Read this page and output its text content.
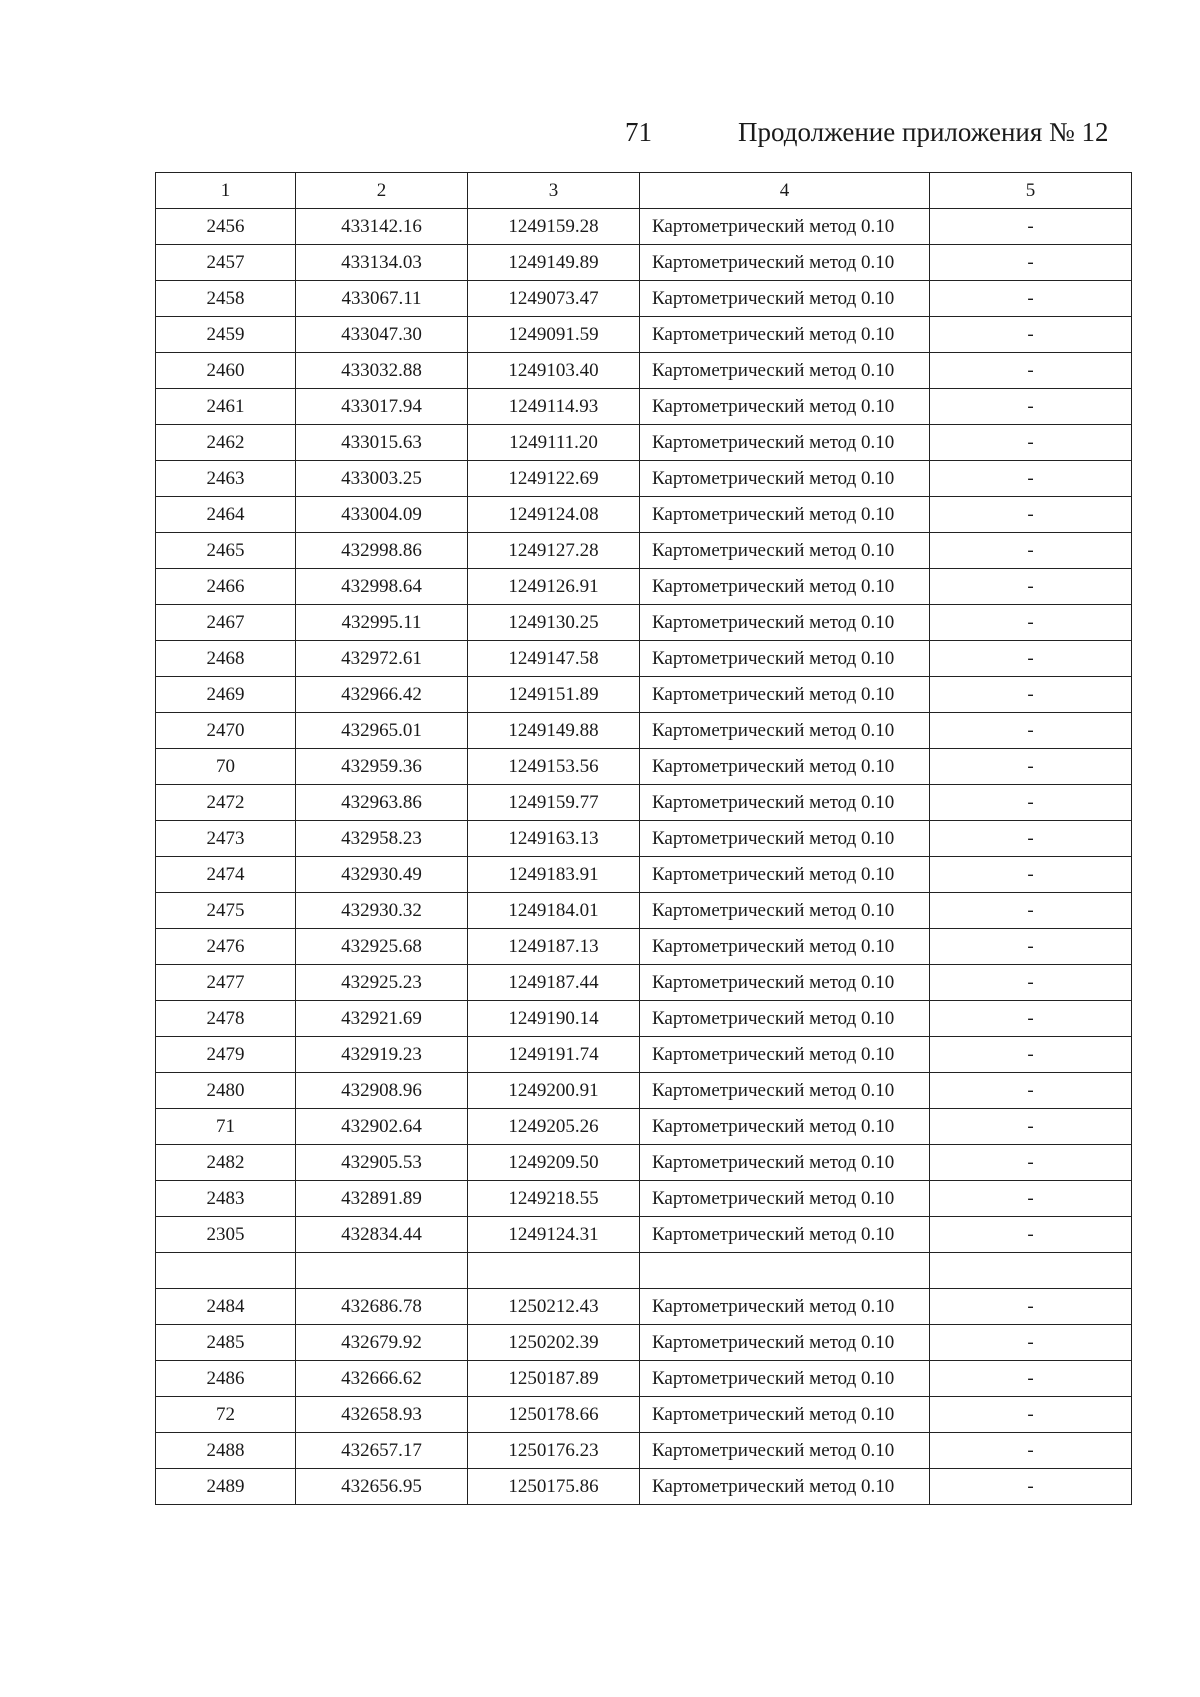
71	Продолжение приложения № 12
1	2	3	4	5
2456	433142.16	1249159.28	Картометрический метод 0.10	-
2457	433134.03	1249149.89	Картометрический метод 0.10	-
2458	433067.11	1249073.47	Картометрический метод 0.10	-
2459	433047.30	1249091.59	Картометрический метод 0.10	-
2460	433032.88	1249103.40	Картометрический метод 0.10	-
2461	433017.94	1249114.93	Картометрический метод 0.10	-
2462	433015.63	1249111.20	Картометрический метод 0.10	-
2463	433003.25	1249122.69	Картометрический метод 0.10	-
2464	433004.09	1249124.08	Картометрический метод 0.10	-
2465	432998.86	1249127.28	Картометрический метод 0.10	-
2466	432998.64	1249126.91	Картометрический метод 0.10	-
2467	432995.11	1249130.25	Картометрический метод 0.10	-
2468	432972.61	1249147.58	Картометрический метод 0.10	-
2469	432966.42	1249151.89	Картометрический метод 0.10	-
2470	432965.01	1249149.88	Картометрический метод 0.10	-
70	432959.36	1249153.56	Картометрический метод 0.10	-
2472	432963.86	1249159.77	Картометрический метод 0.10	-
2473	432958.23	1249163.13	Картометрический метод 0.10	-
2474	432930.49	1249183.91	Картометрический метод 0.10	-
2475	432930.32	1249184.01	Картометрический метод 0.10	-
2476	432925.68	1249187.13	Картометрический метод 0.10	-
2477	432925.23	1249187.44	Картометрический метод 0.10	-
2478	432921.69	1249190.14	Картометрический метод 0.10	-
2479	432919.23	1249191.74	Картометрический метод 0.10	-
2480	432908.96	1249200.91	Картометрический метод 0.10	-
71	432902.64	1249205.26	Картометрический метод 0.10	-
2482	432905.53	1249209.50	Картометрический метод 0.10	-
2483	432891.89	1249218.55	Картометрический метод 0.10	-
2305	432834.44	1249124.31	Картометрический метод 0.10	-

2484	432686.78	1250212.43	Картометрический метод 0.10	-
2485	432679.92	1250202.39	Картометрический метод 0.10	-
2486	432666.62	1250187.89	Картометрический метод 0.10	-
72	432658.93	1250178.66	Картометрический метод 0.10	-
2488	432657.17	1250176.23	Картометрический метод 0.10	-
2489	432656.95	1250175.86	Картометрический метод 0.10	-
